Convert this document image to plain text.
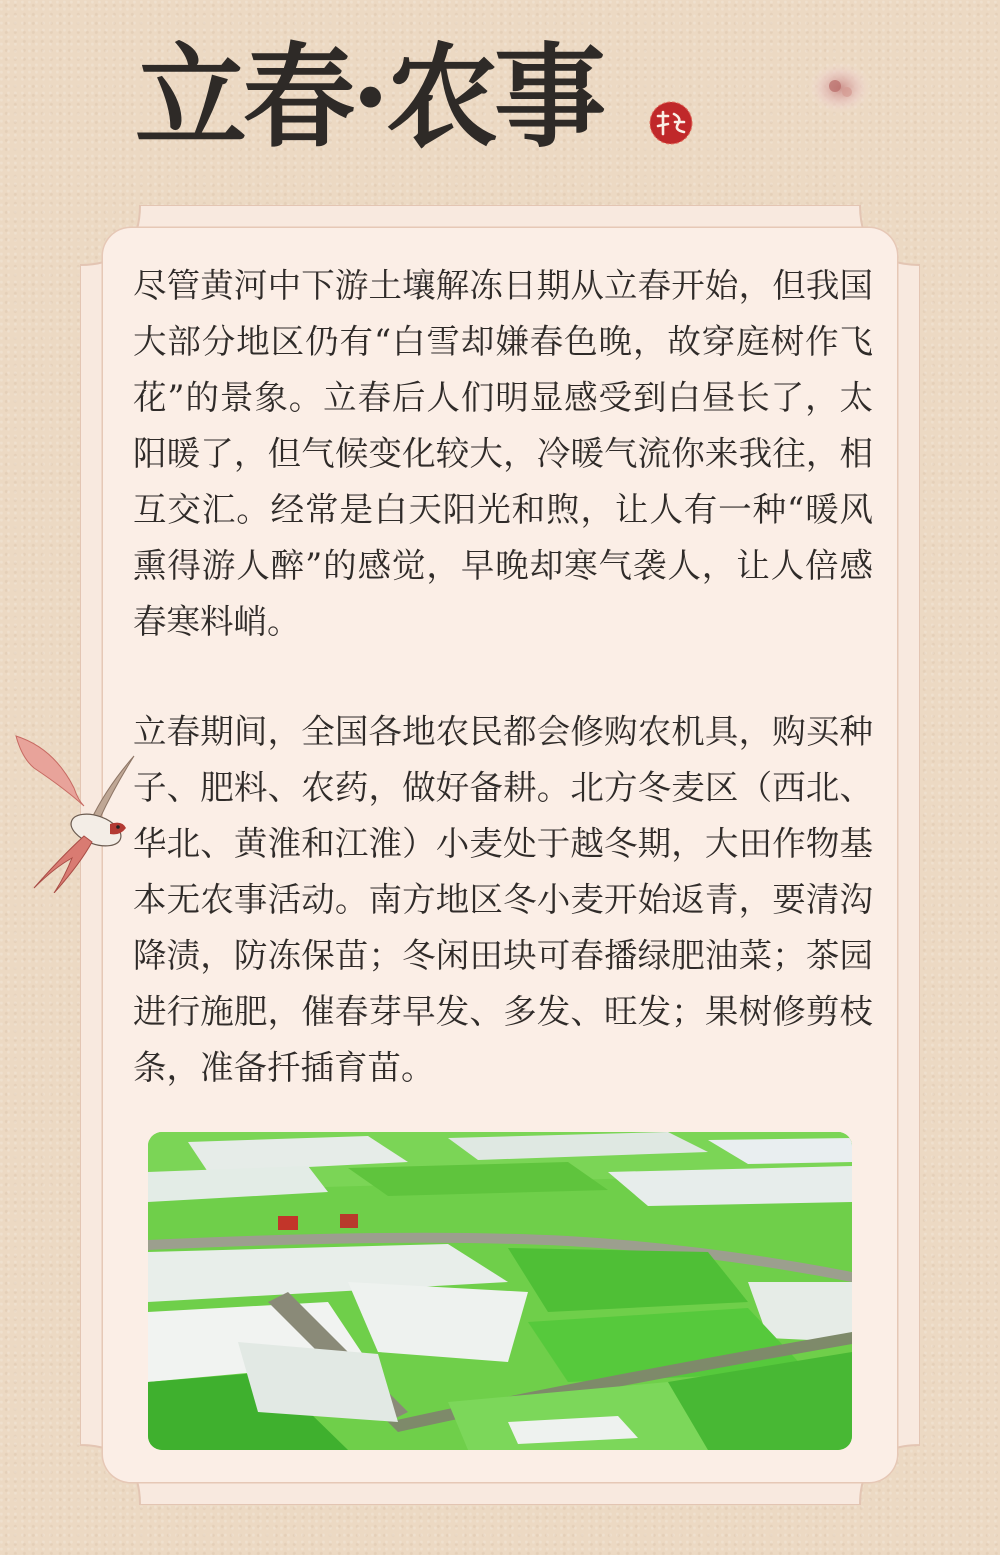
立春·农事

尽管黄河中下游土壤解冻日期从立春开始，但我国大部分地区仍有“白雪却嫌春色晚，故穿庭树作飞花”的景象。立春后人们明显感受到白昼长了，太阳暖了，但气候变化较大，冷暖气流你来我往，相互交汇。经常是白天阳光和煦，让人有一种“暖风熏得游人醉”的感觉，早晚却寒气袭人，让人倍感春寒料峭。

立春期间，全国各地农民都会修购农机具，购买种子、肥料、农药，做好备耕。北方冬麦区（西北、华北、黄淮和江淮）小麦处于越冬期，大田作物基本无农事活动。南方地区冬小麦开始返青，要清沟降渍，防冻保苗；冬闲田块可春播绿肥油菜；茶园进行施肥，催春芽早发、多发、旺发；果树修剪枝条，准备扦插育苗。
